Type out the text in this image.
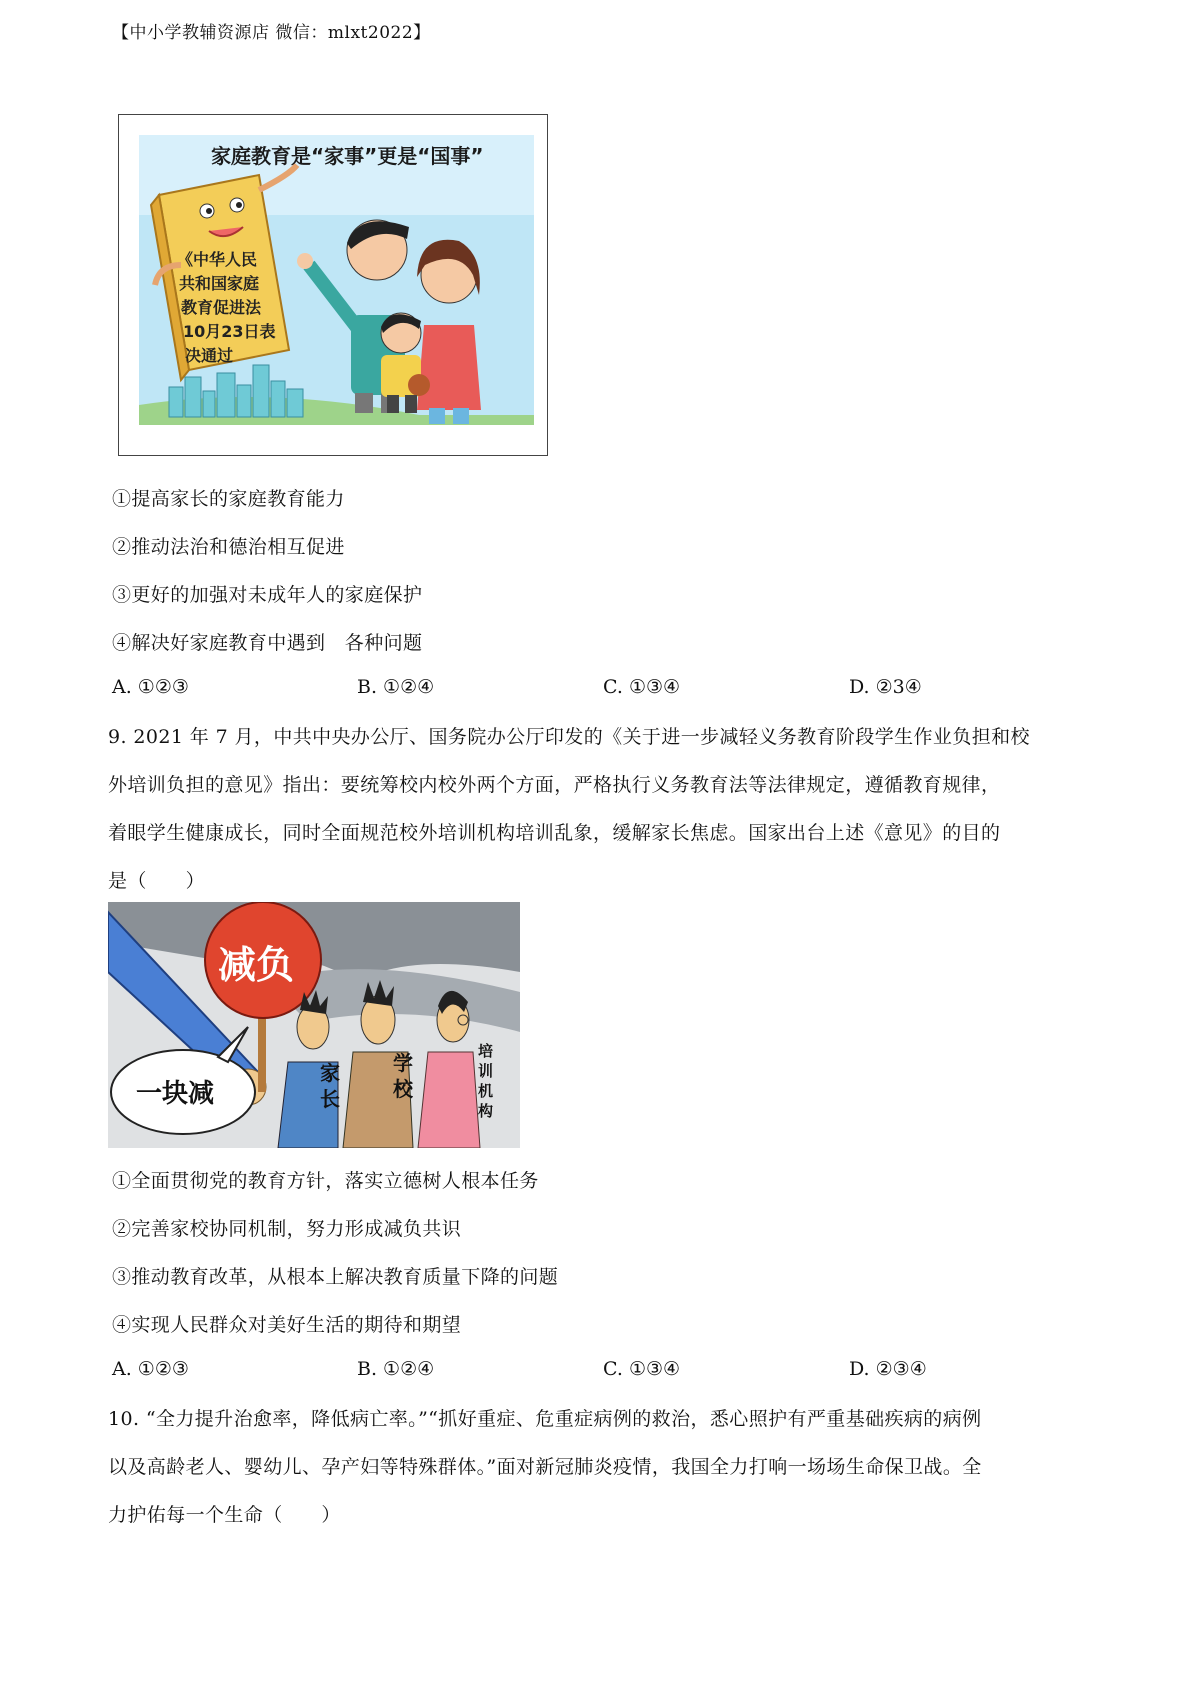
【中小学教辅资源店 微信：mlxt2022】
《中华人民
共和国家庭
教育促进法
10月23日表
决通过
家庭教育是“家事”更是“国事”
①提高家长的家庭教育能力
②推动法治和德治相互促进
③更好的加强对未成年人的家庭保护
④解决好家庭教育中遇到　各种问题
A. ①②③	B. ①②④	C. ①③④	D. ②3④
9. 2021 年 7 月，中共中央办公厅、国务院办公厅印发的《关于进一步减轻义务教育阶段学生作业负担和校
外培训负担的意见》指出：要统筹校内校外两个方面，严格执行义务教育法等法律规定，遵循教育规律，
着眼学生健康成长，同时全面规范校外培训机构培训乱象，缓解家长焦虑。国家出台上述《意见》的目的
是（　　）
减负
一块减
家
长
学
校
培
训
机
构
①全面贯彻党的教育方针，落实立德树人根本任务
②完善家校协同机制，努力形成减负共识
③推动教育改革，从根本上解决教育质量下降的问题
④实现人民群众对美好生活的期待和期望
A. ①②③	B. ①②④	C. ①③④	D. ②③④
10. “全力提升治愈率，降低病亡率。”“抓好重症、危重症病例的救治，悉心照护有严重基础疾病的病例
以及高龄老人、婴幼儿、孕产妇等特殊群体。”面对新冠肺炎疫情，我国全力打响一场场生命保卫战。全
力护佑每一个生命（　　）
